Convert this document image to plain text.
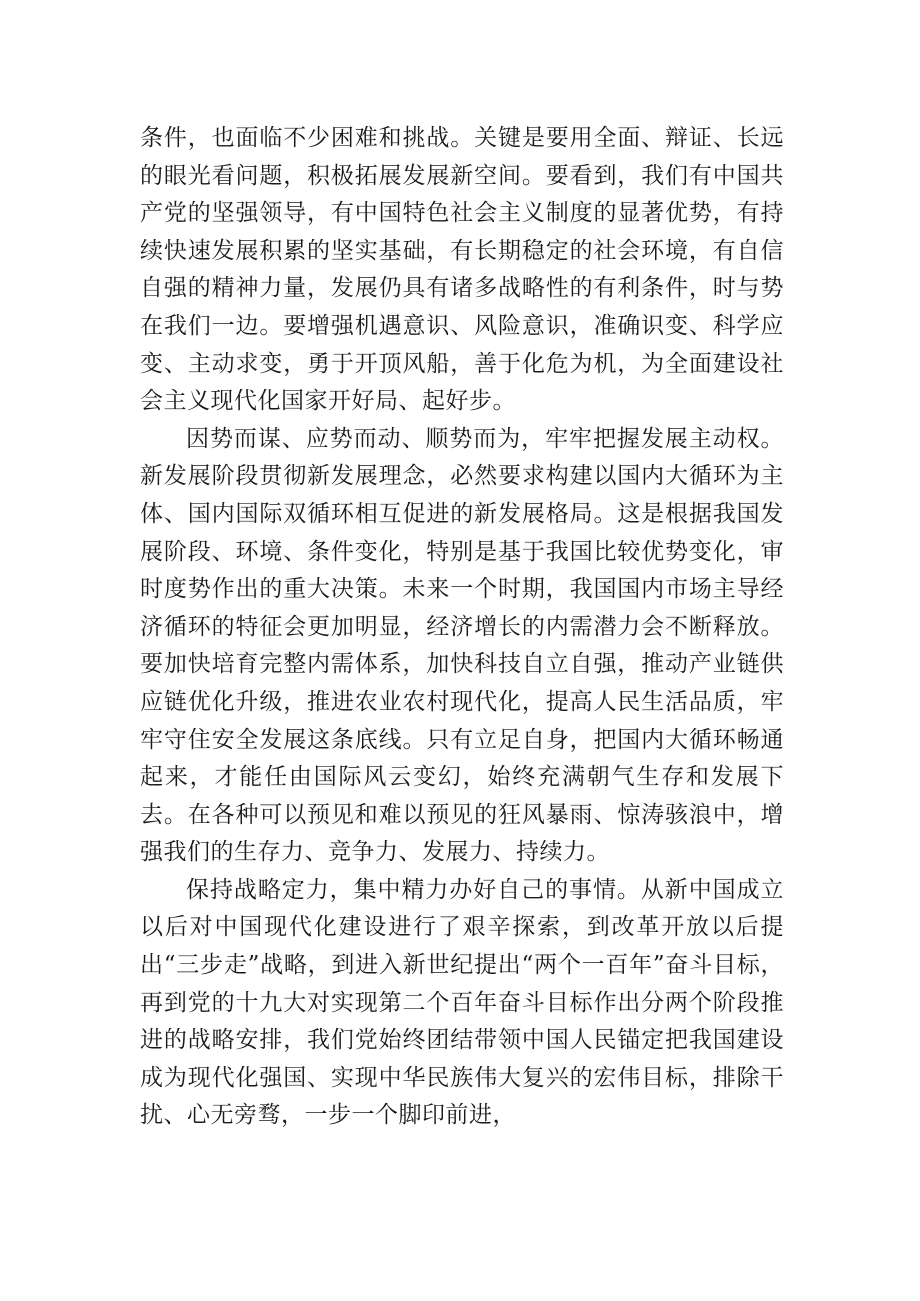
条件，也面临不少困难和挑战。关键是要用全面、辩证、长远的眼光看问题，积极拓展发展新空间。要看到，我们有中国共产党的坚强领导，有中国特色社会主义制度的显著优势，有持续快速发展积累的坚实基础，有长期稳定的社会环境，有自信自强的精神力量，发展仍具有诸多战略性的有利条件，时与势在我们一边。要增强机遇意识、风险意识，准确识变、科学应变、主动求变，勇于开顶风船，善于化危为机，为全面建设社会主义现代化国家开好局、起好步。

因势而谋、应势而动、顺势而为，牢牢把握发展主动权。新发展阶段贯彻新发展理念，必然要求构建以国内大循环为主体、国内国际双循环相互促进的新发展格局。这是根据我国发展阶段、环境、条件变化，特别是基于我国比较优势变化，审时度势作出的重大决策。未来一个时期，我国国内市场主导经济循环的特征会更加明显，经济增长的内需潜力会不断释放。要加快培育完整内需体系，加快科技自立自强，推动产业链供应链优化升级，推进农业农村现代化，提高人民生活品质，牢牢守住安全发展这条底线。只有立足自身，把国内大循环畅通起来，才能任由国际风云变幻，始终充满朝气生存和发展下去。在各种可以预见和难以预见的狂风暴雨、惊涛骇浪中，增强我们的生存力、竞争力、发展力、持续力。

保持战略定力，集中精力办好自己的事情。从新中国成立以后对中国现代化建设进行了艰辛探索，到改革开放以后提出“三步走”战略，到进入新世纪提出“两个一百年”奋斗目标，再到党的十九大对实现第二个百年奋斗目标作出分两个阶段推进的战略安排，我们党始终团结带领中国人民锚定把我国建设成为现代化强国、实现中华民族伟大复兴的宏伟目标，排除干扰、心无旁骛，一步一个脚印前进，
